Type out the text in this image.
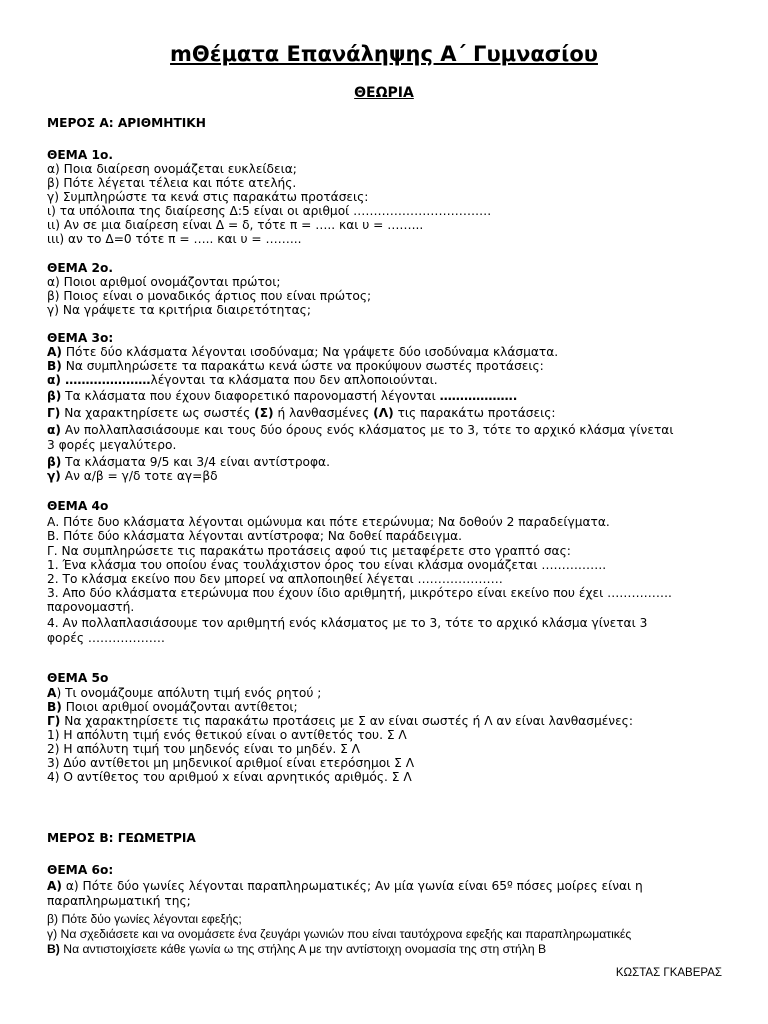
mΘέματα Επανάληψης Α΄ Γυμνασίου
ΘΕΩΡΙΑ
ΜΕΡΟΣ Α: ΑΡΙΘΜΗΤΙΚΗ
ΘΕΜΑ 1ο.
α) Ποια διαίρεση ονομάζεται ευκλείδεια;
β) Πότε λέγεται τέλεια και πότε ατελής.
γ) Συμπληρώστε τα κενά στις παρακάτω προτάσεις:
ι) τα υπόλοιπα της διαίρεσης Δ:5 είναι οι αριθμοί …………………………….
ιι) Αν σε μια διαίρεση είναι Δ = δ, τότε π = ….. και υ = ……...
ιιι) αν το Δ=0 τότε π = ….. και υ = ……...
ΘΕΜΑ 2ο.
α) Ποιοι αριθμοί ονομάζονται πρώτοι;
β) Ποιος είναι ο μοναδικός άρτιος που είναι πρώτος;
γ) Να γράψετε τα κριτήρια διαιρετότητας;
ΘΕΜΑ 3ο:
Α) Πότε δύο κλάσματα λέγονται ισοδύναμα; Να γράψετε δύο ισοδύναμα κλάσματα.
Β) Να συμπληρώσετε τα παρακάτω κενά ώστε να προκύψουν σωστές προτάσεις:
α) …………………λέγονται τα κλάσματα που δεν απλοποιούνται.
β) Τα κλάσματα που έχουν διαφορετικό παρονομαστή λέγονται ……………….
Γ) Να χαρακτηρίσετε ως σωστές (Σ) ή λανθασμένες (Λ) τις παρακάτω προτάσεις:
α) Αν πολλαπλασιάσουμε και τους δύο όρους ενός κλάσματος με το 3, τότε το αρχικό κλάσμα γίνεται
3 φορές μεγαλύτερο.
β) Τα κλάσματα 9/5 και 3/4 είναι αντίστροφα.
γ) Αν α/β = γ/δ τοτε αγ=βδ
ΘΕΜΑ 4ο
Α. Πότε δυο κλάσματα λέγονται ομώνυμα και πότε ετερώνυμα; Να δοθούν 2 παραδείγματα.
Β. Πότε δύο κλάσματα λέγονται αντίστροφα; Να δοθεί παράδειγμα.
Γ. Να συμπληρώσετε τις παρακάτω προτάσεις αφού τις μεταφέρετε στο γραπτό σας:
1. Ένα κλάσμα του οποίου ένας τουλάχιστον όρος του είναι κλάσμα ονομάζεται …………….
2. Το κλάσμα εκείνο που δεν μπορεί να απλοποιηθεί λέγεται …………………
3. Απο δύο κλάσματα ετερώνυμα που έχουν ίδιο αριθμητή, μικρότερο είναι εκείνο που έχει …………….
παρονομαστή.
4. Αν πολλαπλασιάσουμε τον αριθμητή ενός κλάσματος με το 3, τότε το αρχικό κλάσμα γίνεται 3
φορές ……………….
ΘΕΜΑ 5ο
Α) Τι ονομάζουμε απόλυτη τιμή ενός ρητού ;
Β) Ποιοι αριθμοί ονομάζονται αντίθετοι;
Γ) Να χαρακτηρίσετε τις παρακάτω προτάσεις με Σ αν είναι σωστές ή Λ αν είναι λανθασμένες:
1) Η απόλυτη τιμή ενός θετικού είναι ο αντίθετός του. Σ Λ
2) Η απόλυτη τιμή του μηδενός είναι το μηδέν. Σ Λ
3) Δύο αντίθετοι μη μηδενικοί αριθμοί είναι ετερόσημοι Σ Λ
4) Ο αντίθετος του αριθμού x είναι αρνητικός αριθμός. Σ Λ
ΜΕΡΟΣ Β: ΓΕΩΜΕΤΡΙΑ
ΘΕΜΑ 6ο:
Α) α) Πότε δύο γωνίες λέγονται παραπληρωματικές; Αν μία γωνία είναι 65º πόσες μοίρες είναι η
παραπληρωματική της;
β) Πότε δύο γωνίες λέγονται εφεξής;
γ) Να σχεδιάσετε και να ονομάσετε ένα ζευγάρι γωνιών που είναι ταυτόχρονα εφεξής και παραπληρωματικές
Β) Να αντιστοιχίσετε κάθε γωνία ω της στήλης Α με την αντίστοιχη ονομασία της στη στήλη Β
ΚΩΣΤΑΣ ΓΚΑΒΕΡΑΣ
